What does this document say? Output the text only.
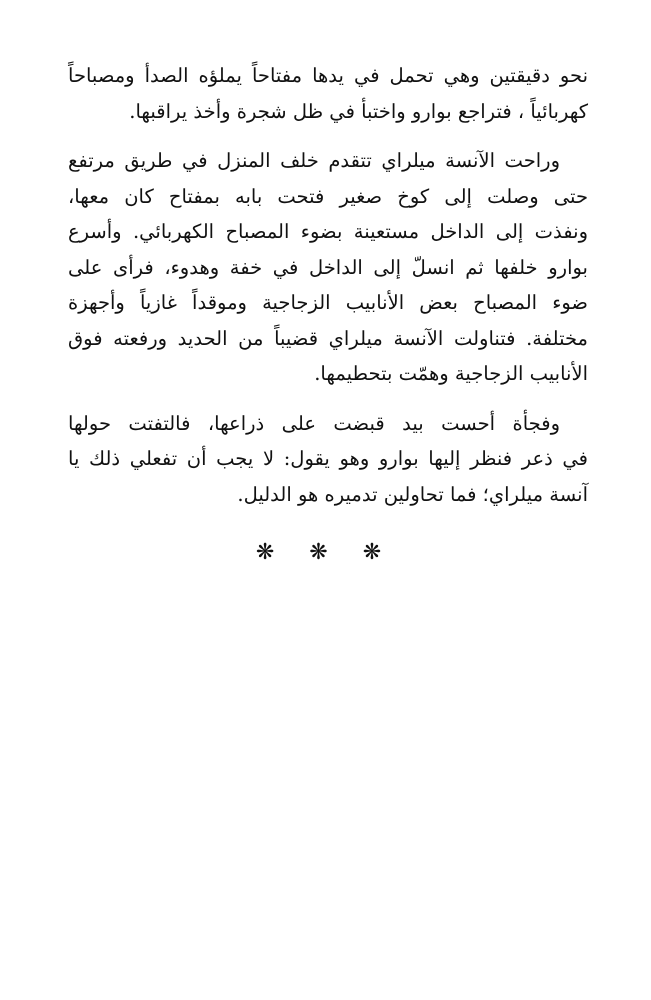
نحو دقيقتين وهي تحمل في يدها مفتاحاً يملؤه الصدأ ومصباحاً
كهربائياً ، فتراجع بوارو واختبأ في ظل شجرة وأخذ يراقبها.

وراحت الآنسة ميلراي تتقدم خلف المنزل في طريق مرتفع
حتى وصلت إلى كوخ صغير فتحت بابه بمفتاح كان معها،
ونفذت إلى الداخل مستعينة بضوء المصباح الكهربائي. وأسرع
بوارو خلفها ثم انسلّ إلى الداخل في خفة وهدوء، فرأى على
ضوء المصباح بعض الأنابيب الزجاجية وموقداً غازياً وأجهزة
مختلفة. فتناولت الآنسة ميلراي قضيباً من الحديد ورفعته فوق
الأنابيب الزجاجية وهمّت بتحطيمها.

وفجأة أحست بيد قبضت على ذراعها، فالتفتت حولها
في ذعر فنظر إليها بوارو وهو يقول: لا يجب أن تفعلي ذلك يا
آنسة ميلراي؛ فما تحاولين تدميره هو الدليل.

❋ ❋ ❋
